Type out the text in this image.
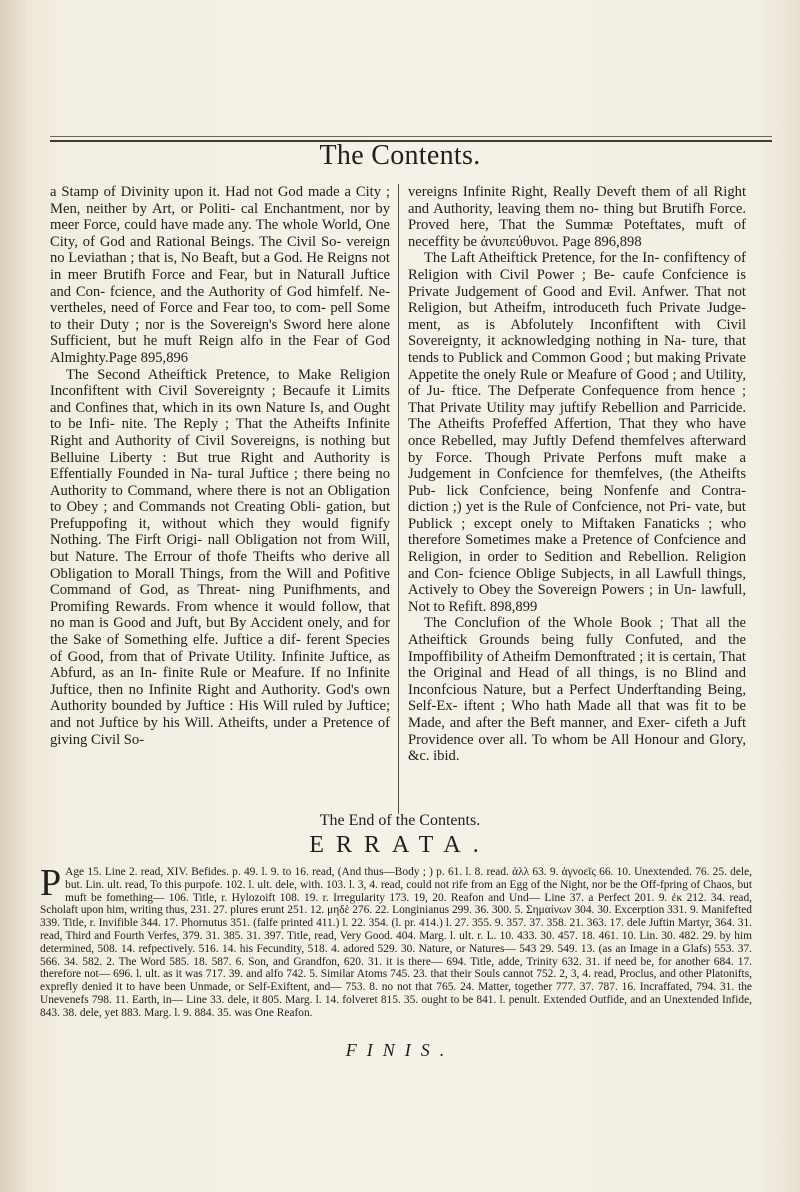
The Contents.

a Stamp of Divinity upon it. Had not God made a City ; Men, neither by Art, or Politi- cal Enchantment, nor by meer Force, could have made any. The whole World, One City, of God and Rational Beings. The Civil So- vereign no Leviathan ; that is, No Beaft, but a God. He Reigns not in meer Brutifh Force and Fear, but in Naturall Juftice and Con- fcience, and the Authority of God himfelf. Ne- vertheles, need of Force and Fear too, to com- pell Some to their Duty ; nor is the Sovereign's Sword here alone Sufficient, but he muft Reign alfo in the Fear of God Almighty.Page 895,896

The Second Atheiftick Pretence, to Make Religion Inconfiftent with Civil Sovereignty ; Becaufe it Limits and Confines that, which in its own Nature Is, and Ought to be Infi- nite. The Reply ; That the Atheifts Infinite Right and Authority of Civil Sovereigns, is nothing but Belluine Liberty : But true Right and Authority is Effentially Founded in Na- tural Juftice ; there being no Authority to Command, where there is not an Obligation to Obey ; and Commands not Creating Obli- gation, but Prefuppofing it, without which they would fignify Nothing. The Firft Origi- nall Obligation not from Will, but Nature. The Errour of thofe Theifts who derive all Obligation to Morall Things, from the Will and Pofitive Command of God, as Threat- ning Punifhments, and Promifing Rewards. From whence it would follow, that no man is Good and Juft, but By Accident onely, and for the Sake of Something elfe. Juftice a dif- ferent Species of Good, from that of Private Utility. Infinite Juftice, as Abfurd, as an In- finite Rule or Meafure. If no Infinite Juftice, then no Infinite Right and Authority. God's own Authority bounded by Juftice : His Will ruled by Juftice; and not Juftice by his Will. Atheifts, under a Pretence of giving Civil So-

vereigns Infinite Right, Really Deveft them of all Right and Authority, leaving them no- thing but Brutifh Force. Proved here, That the Summæ Poteftates, muft of neceffity be ἀνυπεύθυνοι. Page 896,898

The Laft Atheiftick Pretence, for the In- confiftency of Religion with Civil Power ; Be- caufe Confcience is Private Judgement of Good and Evil. Anfwer. That not Religion, but Atheifm, introduceth fuch Private Judge- ment, as is Abfolutely Inconfiftent with Civil Sovereignty, it acknowledging nothing in Na- ture, that tends to Publick and Common Good ; but making Private Appetite the onely Rule or Meafure of Good ; and Utility, of Ju- ftice. The Defperate Confequence from hence ; That Private Utility may juftify Rebellion and Parricide. The Atheifts Profeffed Affertion, That they who have once Rebelled, may Juftly Defend themfelves afterward by Force. Though Private Perfons muft make a Judgement in Confcience for themfelves, (the Atheifts Pub- lick Confcience, being Nonfenfe and Contra- diction ;) yet is the Rule of Confcience, not Pri- vate, but Publick ; except onely to Miftaken Fanaticks ; who therefore Sometimes make a Pretence of Confcience and Religion, in order to Sedition and Rebellion. Religion and Con- fcience Oblige Subjects, in all Lawfull things, Actively to Obey the Sovereign Powers ; in Un- lawfull, Not to Refift. 898,899

The Conclufion of the Whole Book ; That all the Atheiftick Grounds being fully Confuted, and the Impoffibility of Atheifm Demonftrated ; it is certain, That the Original and Head of all things, is no Blind and Inconfcious Nature, but a Perfect Underftanding Being, Self-Ex- iftent ; Who hath Made all that was fit to be Made, and after the Beft manner, and Exer- cifeth a Juft Providence over all. To whom be All Honour and Glory, &c. ibid.

The End of the Contents.
ERRATA.
P Age 15. Line 2. read, XIV. Befides. p. 49. l. 9. to 16. read, (And thus—Body ; ) p. 61. l. 8. read. ἀλλ 63. 9. ἀγνοεῖς 66. 10. Unextended. 76. 25. dele, but. Lin. ult. read, To this purpofe. 102. l. ult. dele, with. 103. l. 3, 4. read, could not rife from an Egg of the Night, nor be the Off-fpring of Chaos, but muft be fomething— 106. Title, r. Hylozoift 108. 19. r. Irregularity 173. 19, 20. Reafon and Und— Line 37. a Perfect 201. 9. ἐκ 212. 34. read, Scholaft upon him, writing thus, 231. 27. plures erunt 251. 12. μηδὲ 276. 22. Longinianus 299. 36. 300. 5. Σημαίνων 304. 30. Excerption 331. 9. Manifefted 339. Title, r. Invifible 344. 17. Phornutus 351. (falfe printed 411.) l. 22. 354. (l. pr. 414.) l. 27. 355. 9. 357. 37. 358. 21. 363. 17. dele Juftin Martyr, 364. 31. read, Third and Fourth Verfes, 379. 31. 385. 31. 397. Title, read, Very Good. 404. Marg. l. ult. r. L. 10. 433. 30. 457. 18. 461. 10. Lin. 30. 482. 29. by him determined, 508. 14. refpectively. 516. 14. his Fecundity, 518. 4. adored 529. 30. Nature, or Natures— 543 29. 549. 13. (as an Image in a Glafs) 553. 37. 566. 34. 582. 2. The Word 585. 18. 587. 6. Son, and Grandfon, 620. 31. it is there— 694. Title, adde, Trinity 632. 31. if need be, for another 684. 17. therefore not— 696. l. ult. as it was 717. 39. and alfo 742. 5. Similar Atoms 745. 23. that their Souls cannot 752. 2, 3, 4. read, Proclus, and other Platonifts, exprefly denied it to have been Unmade, or Self-Exiftent, and— 753. 8. no not that 765. 24. Matter, together 777. 37. 787. 16. Incraffated, 794. 31. the Unevenefs 798. 11. Earth, in— Line 33. dele, it 805. Marg. l. 14. folveret 815. 35. ought to be 841. l. penult. Extended Outfide, and an Unextended Infide, 843. 38. dele, yet 883. Marg. l. 9. 884. 35. was One Reafon.
FINIS.
